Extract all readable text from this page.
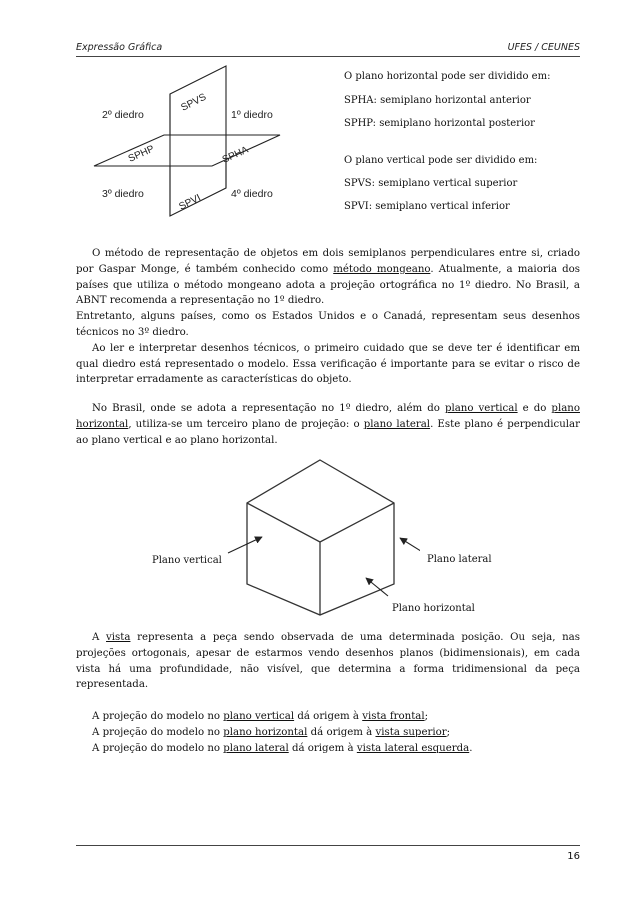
Expressão Gráfica	UFES / CEUNES
2º diedro	1º diedro
3º diedro	4º diedro
SPVS
SPHP	SPHA
SPVI
O plano horizontal pode ser dividido em:
SPHA: semiplano horizontal anterior
SPHP: semiplano horizontal posterior
O plano vertical pode ser dividido em:
SPVS: semiplano vertical superior
SPVI: semiplano vertical inferior

O método de representação de objetos em dois semiplanos perpendiculares entre si, criado por Gaspar Monge, é também conhecido como método mongeano. Atualmente, a maioria dos países que utiliza o método mongeano adota a projeção ortográfica no 1º diedro. No Brasil, a ABNT recomenda a representação no 1º diedro.

Entretanto, alguns países, como os Estados Unidos e o Canadá, representam seus desenhos técnicos no 3º diedro.

Ao ler e interpretar desenhos técnicos, o primeiro cuidado que se deve ter é identificar em qual diedro está representado o modelo. Essa verificação é importante para se evitar o risco de interpretar erradamente as características do objeto.

No Brasil, onde se adota a representação no 1º diedro, além do plano vertical e do plano horizontal, utiliza-se um terceiro plano de projeção: o plano lateral. Este plano é perpendicular ao plano vertical e ao plano horizontal.

Plano vertical	Plano lateral
Plano horizontal

A vista representa a peça sendo observada de uma determinada posição. Ou seja, nas projeções ortogonais, apesar de estarmos vendo desenhos planos (bidimensionais), em cada vista há uma profundidade, não visível, que determina a forma tridimensional da peça representada.

A projeção do modelo no plano vertical dá origem à vista frontal;

A projeção do modelo no plano horizontal dá origem à vista superior;

A projeção do modelo no plano lateral dá origem à vista lateral esquerda.

16
